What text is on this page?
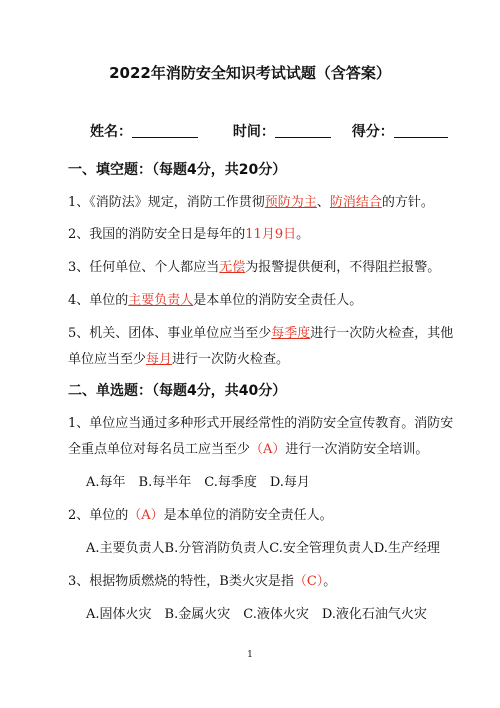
2022年消防安全知识考试试题（含答案）
姓名：	时间：	得分：
一、填空题：（每题4分，共20分）
1、《消防法》规定，消防工作贯彻预防为主、防消结合的方针。
2、我国的消防安全日是每年的11月9日。
3、任何单位、个人都应当无偿为报警提供便利，不得阻拦报警。
4、单位的主要负责人是本单位的消防安全责任人。
5、机关、团体、事业单位应当至少每季度进行一次防火检查，其他
单位应当至少每月进行一次防火检查。
二、单选题：（每题4分，共40分）
1、单位应当通过多种形式开展经常性的消防安全宣传教育。消防安
全重点单位对每名员工应当至少（A）进行一次消防安全培训。
A.每年　B.每半年　C.每季度　D.每月
2、单位的（A）是本单位的消防安全责任人。
A.主要负责人B.分管消防负责人C.安全管理负责人D.生产经理
3、根据物质燃烧的特性，B类火灾是指（C）。
A.固体火灾　B.金属火灾　C.液体火灾　D.液化石油气火灾
1
